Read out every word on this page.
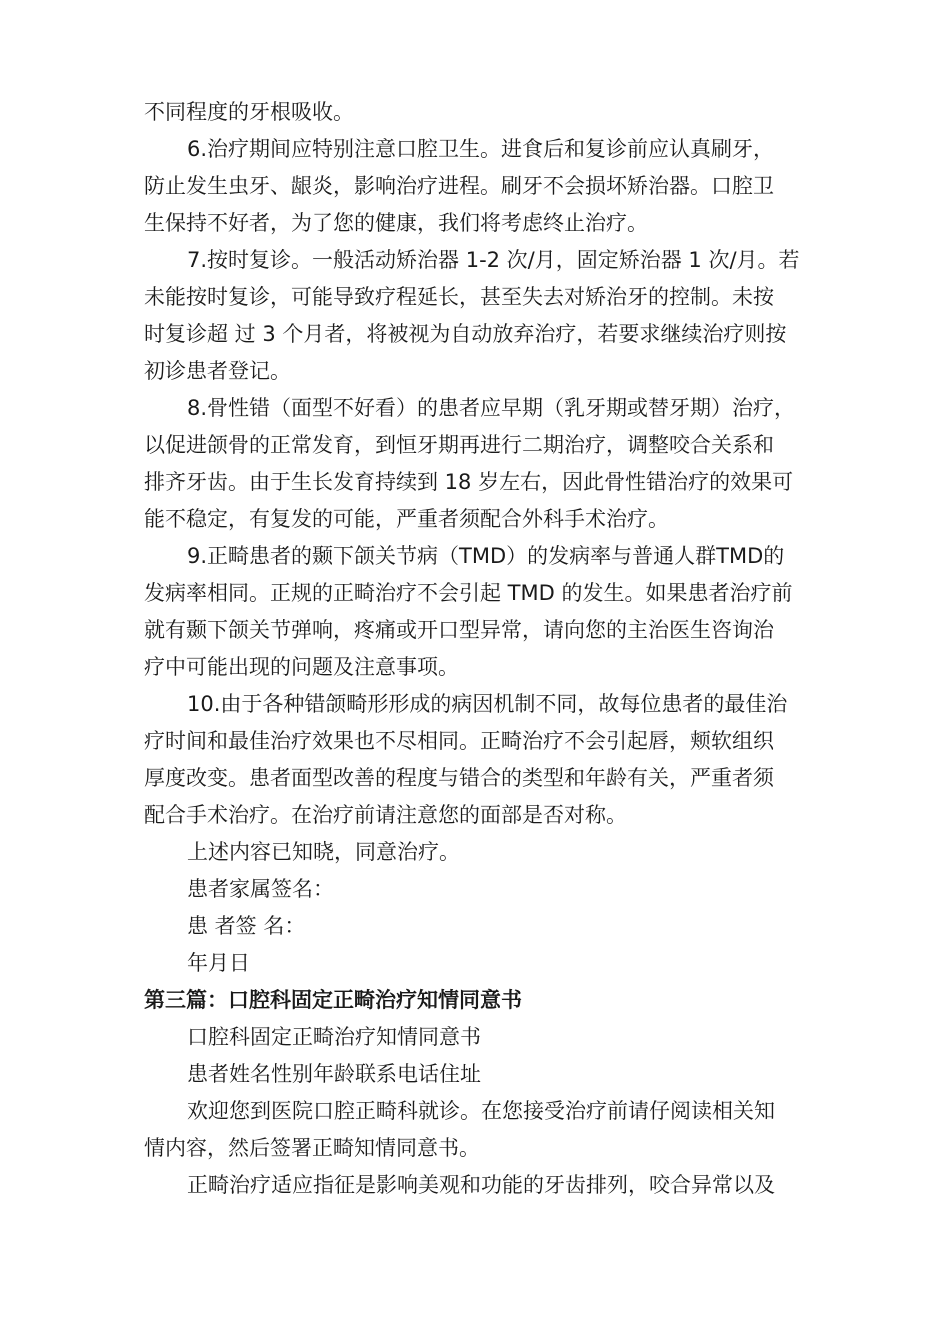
不同程度的牙根吸收。
6.治疗期间应特别注意口腔卫生。进食后和复诊前应认真刷牙，
防止发生虫牙、龈炎，影响治疗进程。刷牙不会损坏矫治器。口腔卫
生保持不好者，为了您的健康，我们将考虑终止治疗。
7.按时复诊。一般活动矫治器 1-2 次/月，固定矫治器 1 次/月。若
未能按时复诊，可能导致疗程延长，甚至失去对矫治牙的控制。未按
时复诊超 过 3 个月者，将被视为自动放弃治疗，若要求继续治疗则按
初诊患者登记。
8.骨性错（面型不好看）的患者应早期（乳牙期或替牙期）治疗，
以促进颌骨的正常发育，到恒牙期再进行二期治疗，调整咬合关系和
排齐牙齿。由于生长发育持续到 18 岁左右，因此骨性错治疗的效果可
能不稳定，有复发的可能，严重者须配合外科手术治疗。
9.正畸患者的颞下颌关节病（TMD）的发病率与普通人群TMD的
发病率相同。正规的正畸治疗不会引起 TMD 的发生。如果患者治疗前
就有颞下颌关节弹响，疼痛或开口型异常，请向您的主治医生咨询治
疗中可能出现的问题及注意事项。
10.由于各种错颌畸形形成的病因机制不同，故每位患者的最佳治
疗时间和最佳治疗效果也不尽相同。正畸治疗不会引起唇，颊软组织
厚度改变。患者面型改善的程度与错合的类型和年龄有关，严重者须
配合手术治疗。在治疗前请注意您的面部是否对称。
上述内容已知晓，同意治疗。
患者家属签名：
患 者签 名：
年月日
第三篇：口腔科固定正畸治疗知情同意书
口腔科固定正畸治疗知情同意书
患者姓名性别年龄联系电话住址
欢迎您到医院口腔正畸科就诊。在您接受治疗前请仔阅读相关知
情内容，然后签署正畸知情同意书。
正畸治疗适应指征是影响美观和功能的牙齿排列，咬合异常以及
